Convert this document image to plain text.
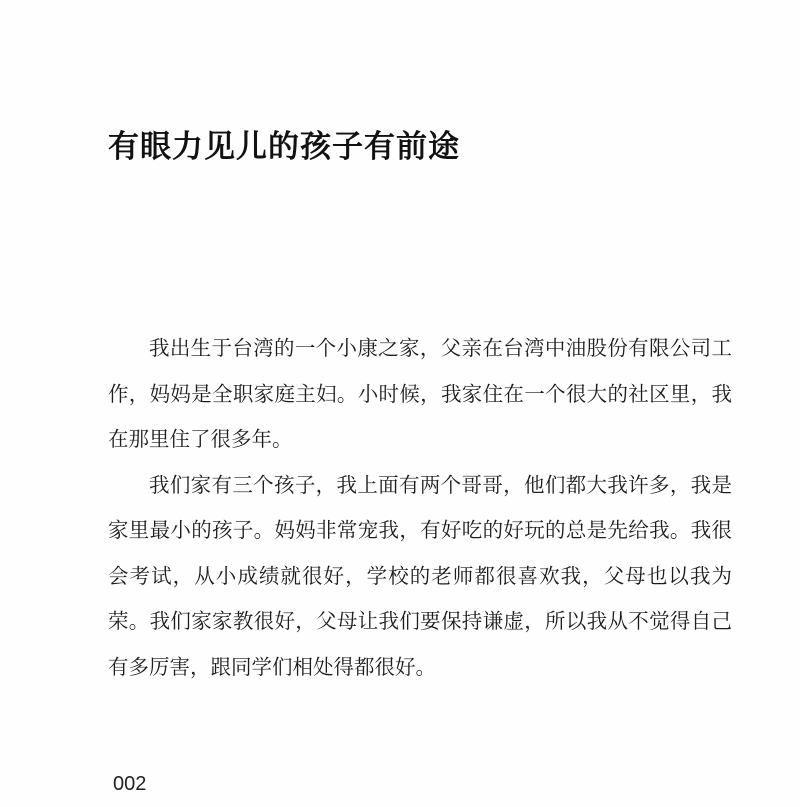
有眼力见儿的孩子有前途

我出生于台湾的一个小康之家，父亲在台湾中油股份有限公司工作，妈妈是全职家庭主妇。小时候，我家住在一个很大的社区里，我在那里住了很多年。

我们家有三个孩子，我上面有两个哥哥，他们都大我许多，我是家里最小的孩子。妈妈非常宠我，有好吃的好玩的总是先给我。我很会考试，从小成绩就很好，学校的老师都很喜欢我，父母也以我为荣。我们家家教很好，父母让我们要保持谦虚，所以我从不觉得自己有多厉害，跟同学们相处得都很好。

002
